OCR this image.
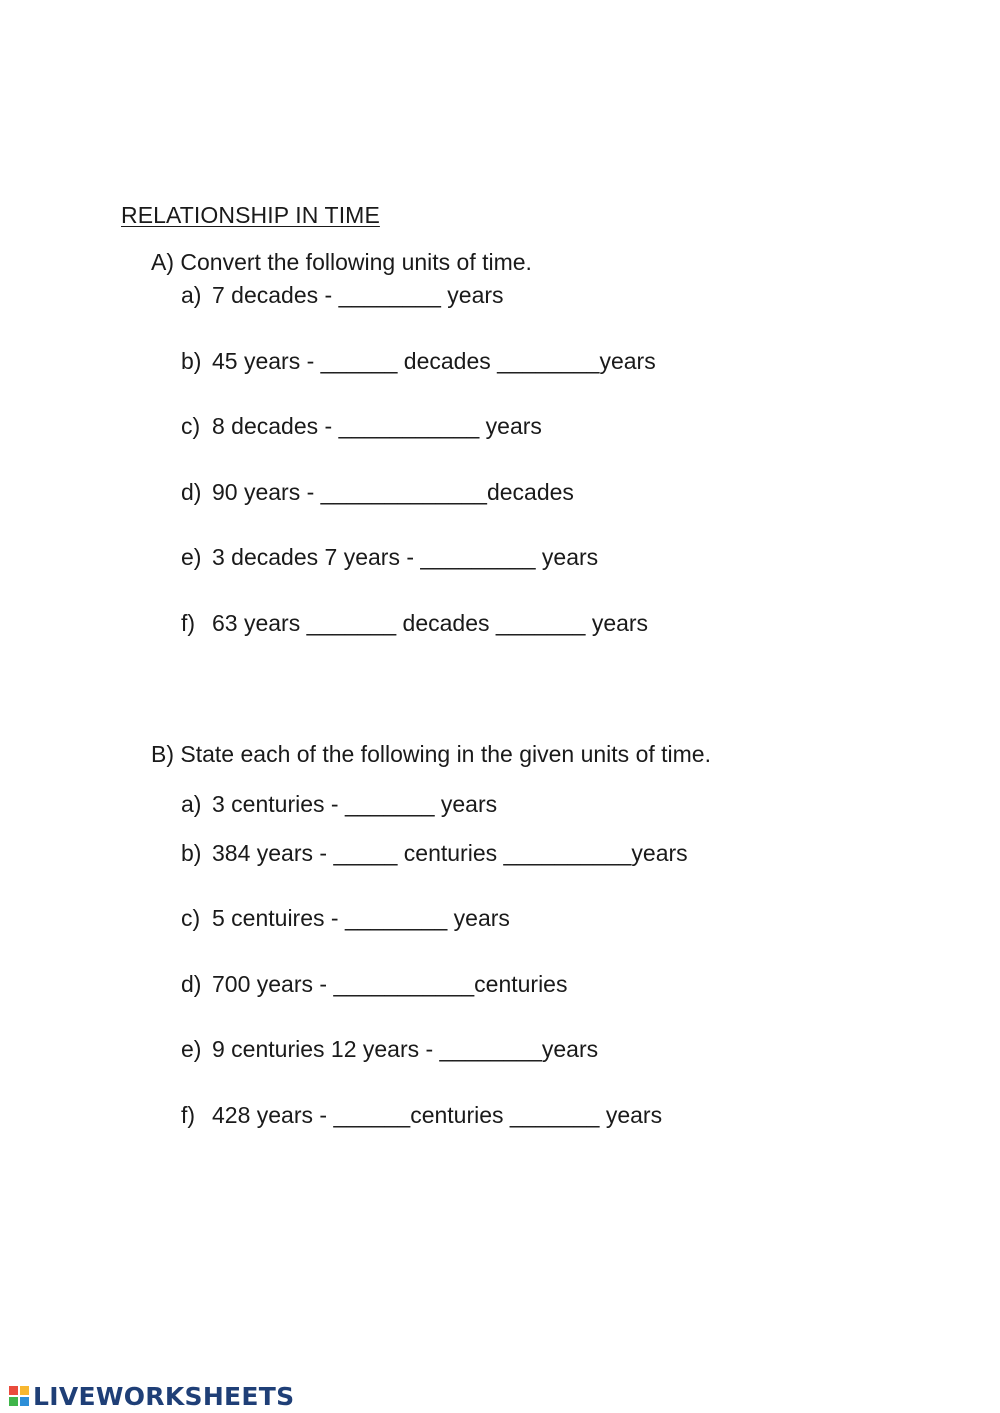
RELATIONSHIP IN TIME
A) Convert the following units of time.
a) 7 decades - ________ years
b) 45 years - ______ decades ________years
c) 8 decades - ___________ years
d) 90 years - _____________decades
e) 3 decades 7 years - _________ years
f) 63 years _______ decades _______ years
B) State each of the following in the given units of time.
a) 3 centuries - _______ years
b) 384 years - _____ centuries __________years
c) 5 centuires - ________ years
d) 700 years - ___________centuries
e) 9 centuries 12 years - ________years
f) 428 years - ______centuries _______ years
LIVEWORKSHEETS
